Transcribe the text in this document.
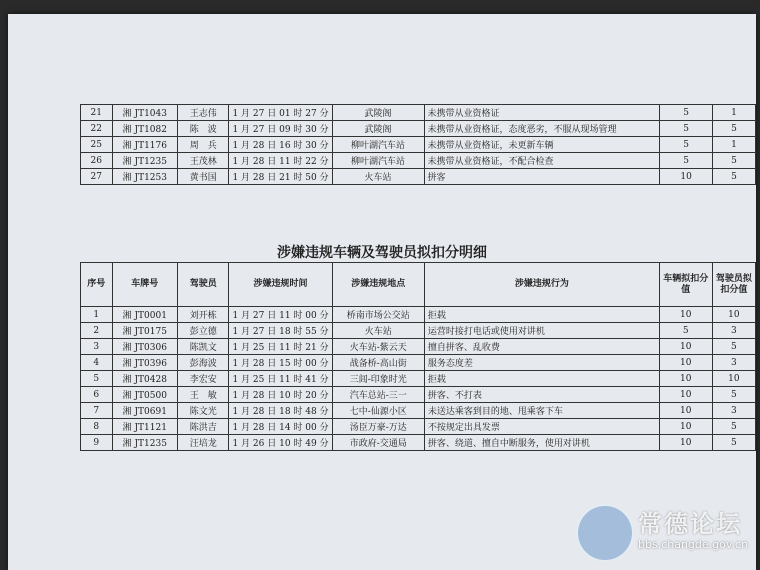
21	湘 JT1043	王志伟	1 月 27 日 01 时 27 分	武陵阁	未携带从业资格证	5	1
22	湘 JT1082	陈　波	1 月 27 日 09 时 30 分	武陵阁	未携带从业资格证，态度恶劣，不服从现场管理	5	5
25	湘 JT1176	周　兵	1 月 28 日 16 时 30 分	柳叶湖汽车站	未携带从业资格证，未更新车辆	5	1
26	湘 JT1235	王茂林	1 月 28 日 11 时 22 分	柳叶湖汽车站	未携带从业资格证，不配合检查	5	5
27	湘 JT1253	黄书国	1 月 28 日 21 时 50 分	火车站	拼客	10	5
涉嫌违规车辆及驾驶员拟扣分明细
序号	车牌号	驾驶员	涉嫌违规时间	涉嫌违规地点	涉嫌违规行为	车辆拟扣分值	驾驶员拟扣分值
1	湘 JT0001	刘开栋	1 月 27 日 11 时 00 分	桥南市场公交站	拒载	10	10
2	湘 JT0175	彭立德	1 月 27 日 18 时 55 分	火车站	运营时接打电话或使用对讲机	5	3
3	湘 JT0306	陈凯文	1 月 25 日 11 时 21 分	火车站-紫云天	擅自拼客、乱收费	10	5
4	湘 JT0396	彭海波	1 月 28 日 15 时 00 分	战备桥-高山街	服务态度差	10	3
5	湘 JT0428	李宏安	1 月 25 日 11 时 41 分	三闾-印象时光	拒载	10	10
6	湘 JT0500	王　敏	1 月 28 日 10 时 20 分	汽车总站-三一	拼客、不打表	10	5
7	湘 JT0691	陈文光	1 月 28 日 18 时 48 分	七中-仙源小区	未送达乘客到目的地、甩乘客下车	10	3
8	湘 JT1121	陈洪吉	1 月 28 日 14 时 00 分	汤臣万豪-万达	不按规定出具发票	10	5
9	湘 JT1235	汪培龙	1 月 26 日 10 时 49 分	市政府-交通局	拼客、绕道、擅自中断服务，使用对讲机	10	5
常德论坛
bbs.changde.gov.cn
